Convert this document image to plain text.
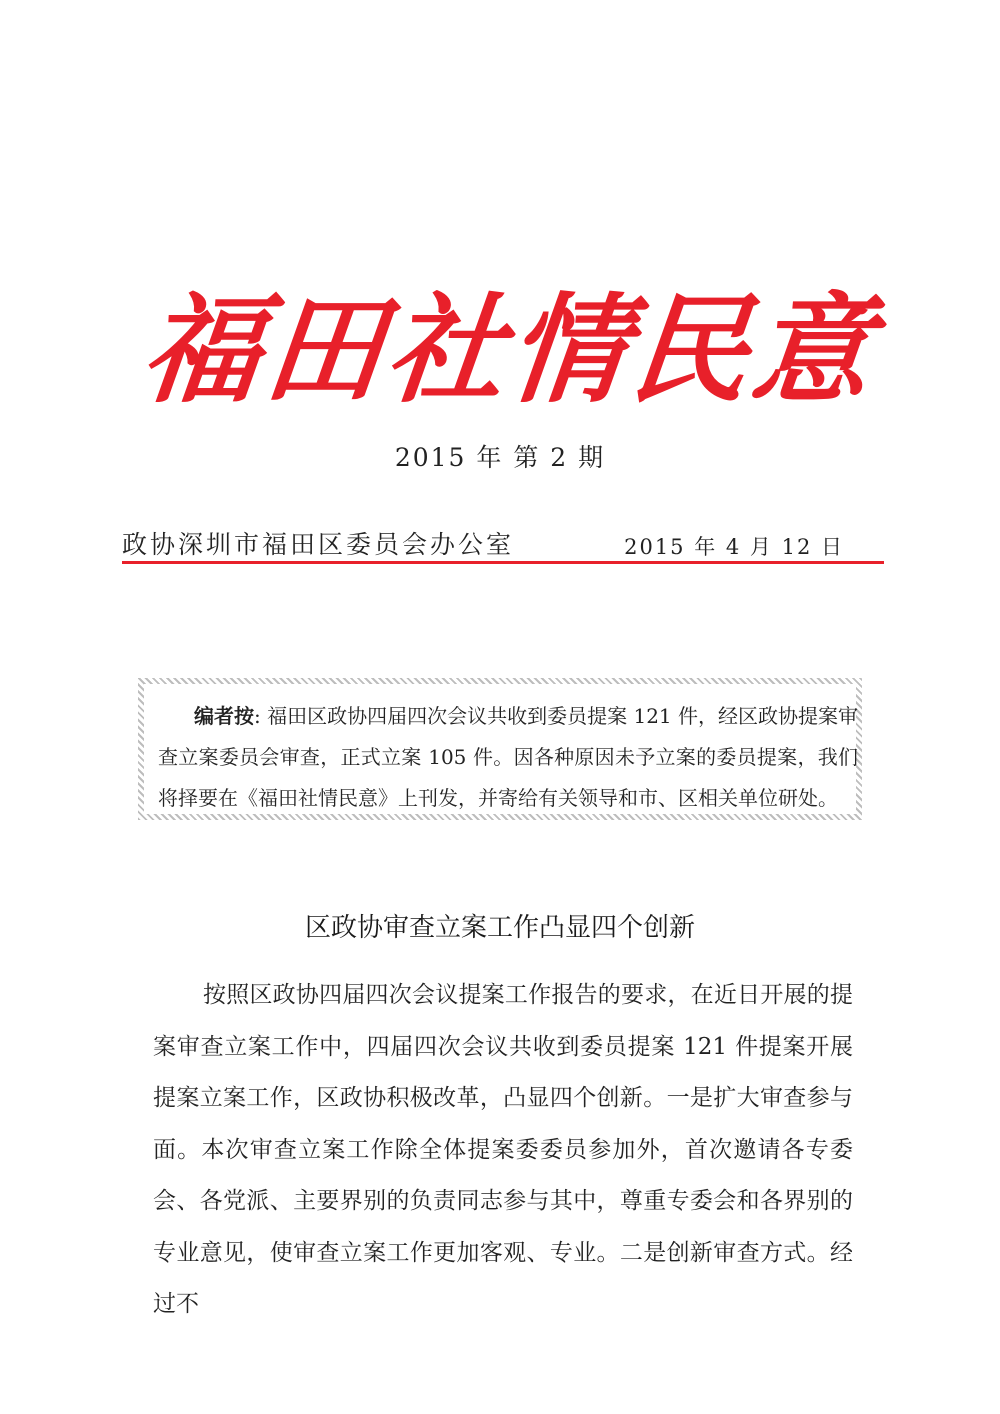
福田社情民意
2015 年 第 2 期
政协深圳市福田区委员会办公室	2015 年 4 月 12 日
编者按: 福田区政协四届四次会议共收到委员提案 121 件，经区政协提案审查立案委员会审查，正式立案 105 件。因各种原因未予立案的委员提案，我们将择要在《福田社情民意》上刊发，并寄给有关领导和市、区相关单位研处。
区政协审查立案工作凸显四个创新
按照区政协四届四次会议提案工作报告的要求，在近日开展的提案审查立案工作中，四届四次会议共收到委员提案 121 件提案开展提案立案工作，区政协积极改革，凸显四个创新。一是扩大审查参与面。本次审查立案工作除全体提案委委员参加外，首次邀请各专委会、各党派、主要界别的负责同志参与其中，尊重专委会和各界别的专业意见，使审查立案工作更加客观、专业。二是创新审查方式。经过不
